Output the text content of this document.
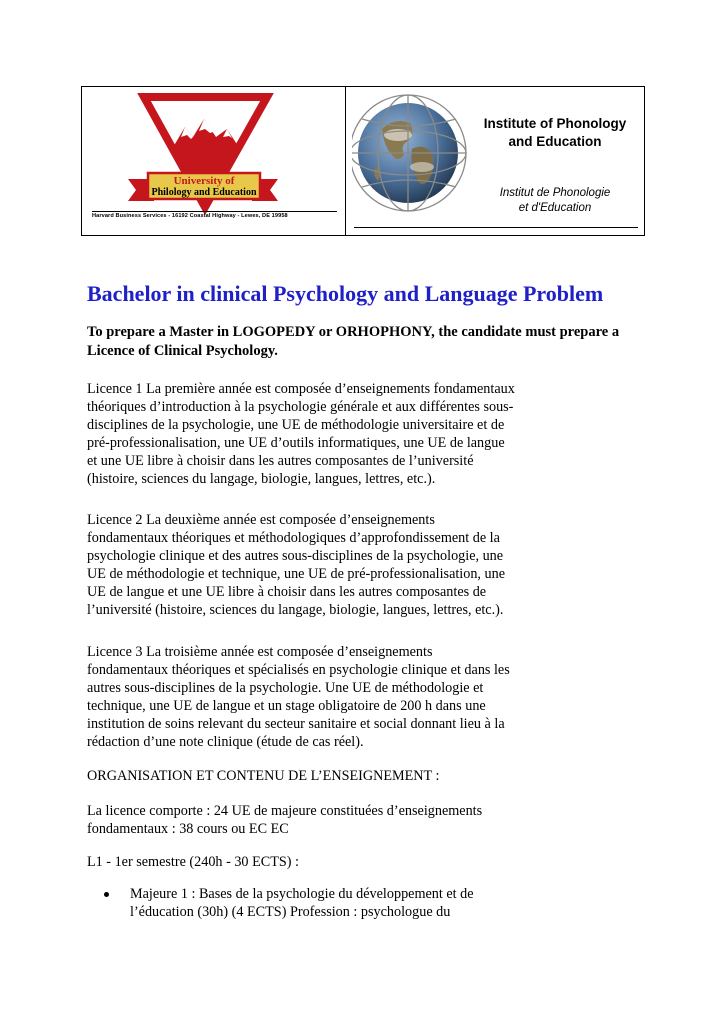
University of
Philology and Education
Harvard Business Services - 16192 Coastal Highway - Lewes, DE 19958
Institute of Phonology
and Education
Institut de Phonologie
et d'Education
Bachelor in clinical Psychology and Language Problem
To prepare a Master in LOGOPEDY or ORHOPHONY, the candidate must prepare a Licence of Clinical Psychology.
Licence 1 La première année est composée d’enseignements fondamentaux théoriques d’introduction à la psychologie générale et aux différentes sous-disciplines de la psychologie, une UE de méthodologie universitaire et de pré-professionalisation, une UE d’outils informatiques, une UE de langue et une UE libre à choisir dans les autres composantes de l’université (histoire, sciences du langage, biologie, langues, lettres, etc.).
Licence 2 La deuxième année est composée d’enseignements fondamentaux théoriques et méthodologiques d’approfondissement de la psychologie clinique et des autres sous-disciplines de la psychologie, une UE de méthodologie et technique, une UE de pré-professionalisation, une UE de langue et une UE libre à choisir dans les autres composantes de l’université (histoire, sciences du langage, biologie, langues, lettres, etc.).
Licence 3 La troisième année est composée d’enseignements fondamentaux théoriques et spécialisés en psychologie clinique et dans les autres sous-disciplines de la psychologie. Une UE de méthodologie et technique, une UE de langue et un stage obligatoire de 200 h dans une institution de soins relevant du secteur sanitaire et social donnant lieu à la rédaction d’une note clinique (étude de cas réel).
ORGANISATION ET CONTENU DE L’ENSEIGNEMENT :
La licence comporte : 24 UE de majeure constituées d’enseignements fondamentaux : 38 cours ou EC EC
L1 - 1er semestre (240h - 30 ECTS) :
Majeure 1 : Bases de la psychologie du développement et de l’éducation (30h) (4 ECTS) Profession : psychologue du
